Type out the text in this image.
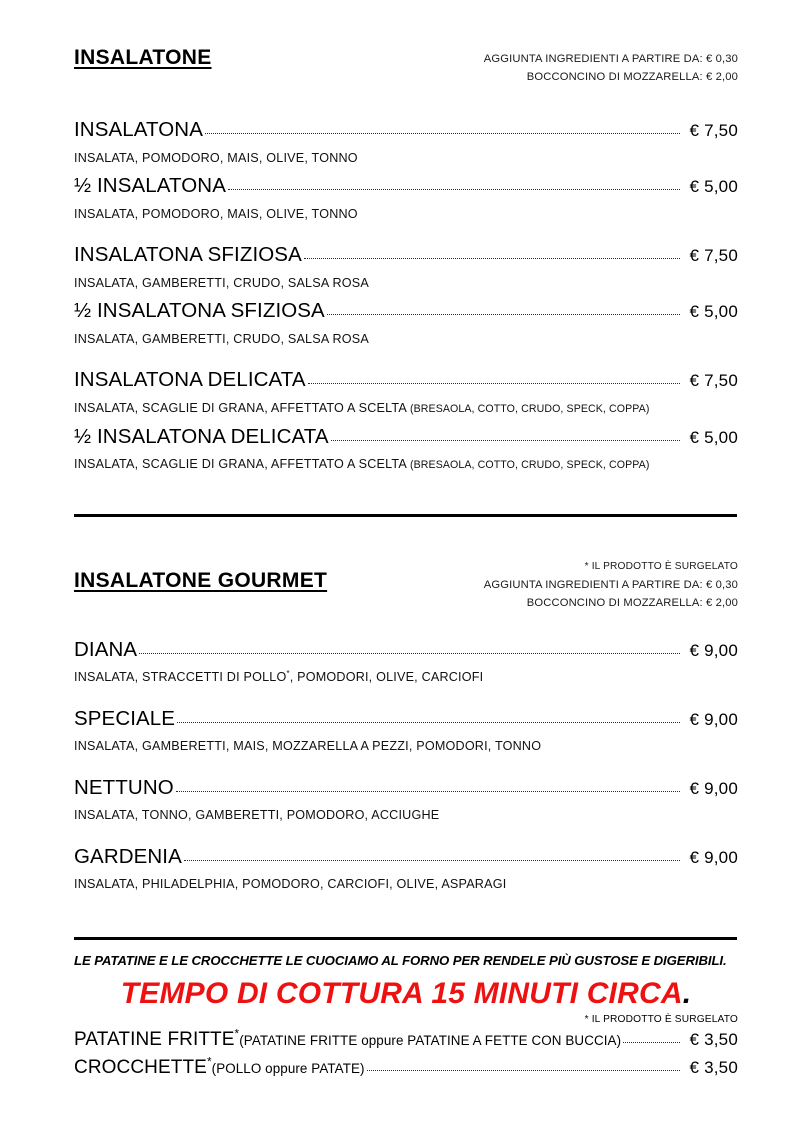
INSALATONE	AGGIUNTA INGREDIENTI A PARTIRE DA: € 0,30
BOCCONCINO DI MOZZARELLA: € 2,00
INSALATONA	€ 7,50
INSALATA, POMODORO, MAIS, OLIVE, TONNO
½ INSALATONA	€ 5,00
INSALATA, POMODORO, MAIS, OLIVE, TONNO
INSALATONA SFIZIOSA	€ 7,50
INSALATA, GAMBERETTI, CRUDO, SALSA ROSA
½ INSALATONA SFIZIOSA	€ 5,00
INSALATA, GAMBERETTI, CRUDO, SALSA ROSA
INSALATONA DELICATA	€ 7,50
INSALATA, SCAGLIE DI GRANA, AFFETTATO A SCELTA (BRESAOLA, COTTO, CRUDO, SPECK, COPPA)
½ INSALATONA DELICATA	€ 5,00
INSALATA, SCAGLIE DI GRANA, AFFETTATO A SCELTA (BRESAOLA, COTTO, CRUDO, SPECK, COPPA)
INSALATONE GOURMET
* IL PRODOTTO È SURGELATO
AGGIUNTA INGREDIENTI A PARTIRE DA: € 0,30
BOCCONCINO DI MOZZARELLA: € 2,00
DIANA	€ 9,00
INSALATA, STRACCETTI DI POLLO*, POMODORI, OLIVE, CARCIOFI
SPECIALE	€ 9,00
INSALATA, GAMBERETTI, MAIS, MOZZARELLA A PEZZI, POMODORI, TONNO
NETTUNO	€ 9,00
INSALATA, TONNO, GAMBERETTI, POMODORO, ACCIUGHE
GARDENIA	€ 9,00
INSALATA, PHILADELPHIA, POMODORO, CARCIOFI, OLIVE, ASPARAGI
LE PATATINE E LE CROCCHETTE LE CUOCIAMO AL FORNO PER RENDELE PIÙ GUSTOSE E DIGERIBILI.
TEMPO DI COTTURA 15 MINUTI CIRCA.
* IL PRODOTTO È SURGELATO
PATATINE FRITTE*(PATATINE FRITTE oppure PATATINE A FETTE CON BUCCIA)	€ 3,50
CROCCHETTE*(POLLO oppure PATATE)	€ 3,50
